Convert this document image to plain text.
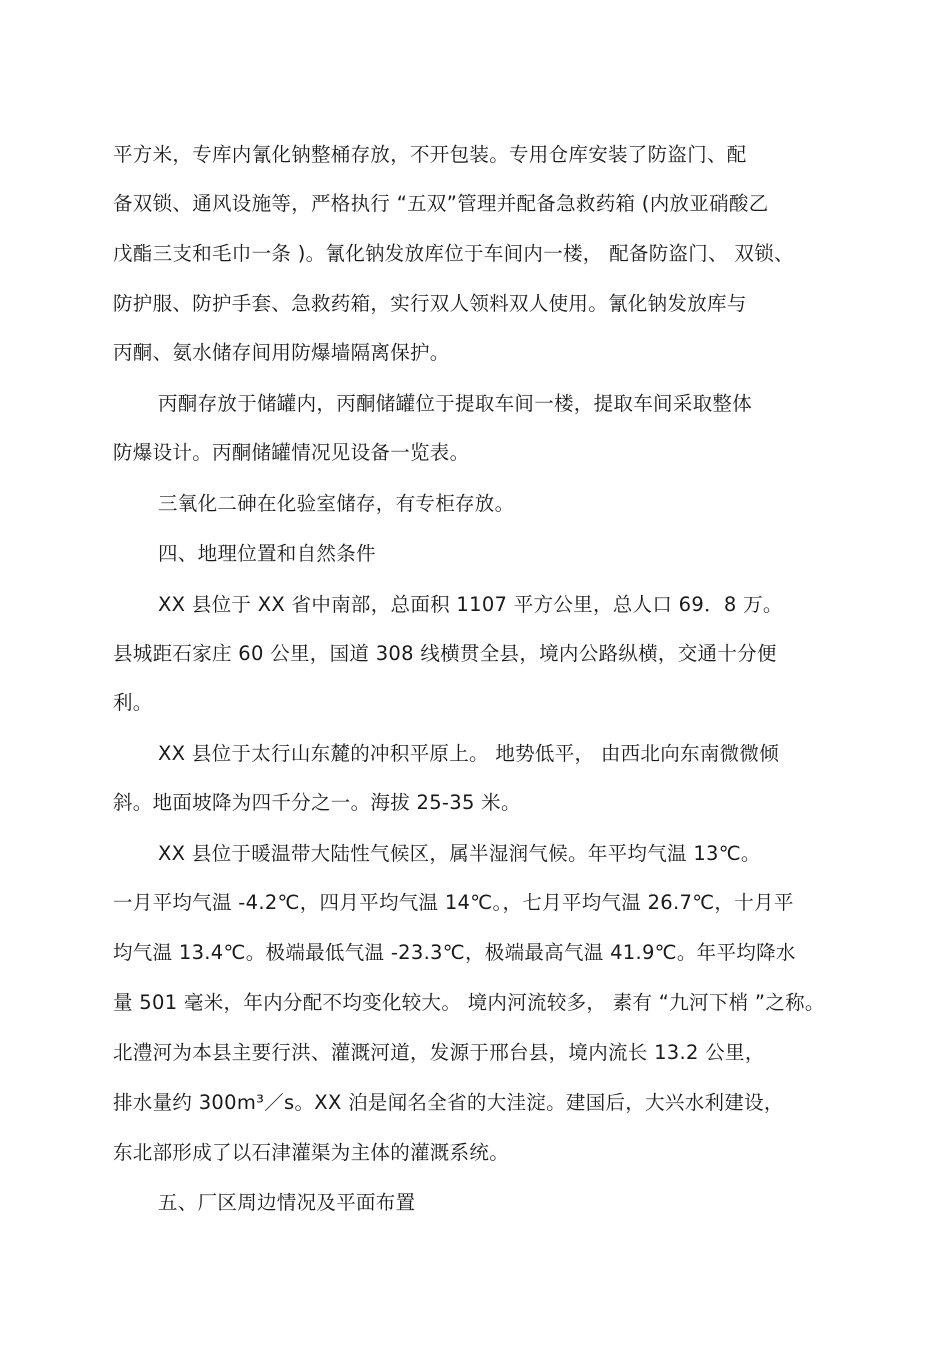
平方米，专库内氰化钠整桶存放，不开包装。专用仓库安装了防盗门、配
备双锁、通风设施等，严格执行 “五双”管理并配备急救药箱 (内放亚硝酸乙
戊酯三支和毛巾一条 )。氰化钠发放库位于车间内一楼， 配备防盗门、 双锁、
防护服、防护手套、急救药箱，实行双人领料双人使用。氰化钠发放库与
丙酮、氨水储存间用防爆墙隔离保护。
丙酮存放于储罐内，丙酮储罐位于提取车间一楼，提取车间采取整体
防爆设计。丙酮储罐情况见设备一览表。
三氧化二砷在化验室储存，有专柜存放。
四、地理位置和自然条件
XX 县位于 XX 省中南部，总面积 1107 平方公里，总人口 69．8 万。
县城距石家庄 60 公里，国道 308 线横贯全县，境内公路纵横，交通十分便
利。
XX 县位于太行山东麓的冲积平原上。 地势低平， 由西北向东南微微倾
斜。地面坡降为四千分之一。海拔 25-35 米。
XX 县位于暖温带大陆性气候区，属半湿润气候。年平均气温 13℃。
一月平均气温 -4.2℃，四月平均气温 14℃。，七月平均气温 26.7℃，十月平
均气温 13.4℃。极端最低气温 -23.3℃，极端最高气温 41.9℃。年平均降水
量 501 毫米，年内分配不均变化较大。 境内河流较多， 素有 “九河下梢 ”之称。
北澧河为本县主要行洪、灌溉河道，发源于邢台县，境内流长 13.2 公里，
排水量约 300m³／s。XX 泊是闻名全省的大洼淀。建国后，大兴水利建设，
东北部形成了以石津灌渠为主体的灌溉系统。
五、厂区周边情况及平面布置
